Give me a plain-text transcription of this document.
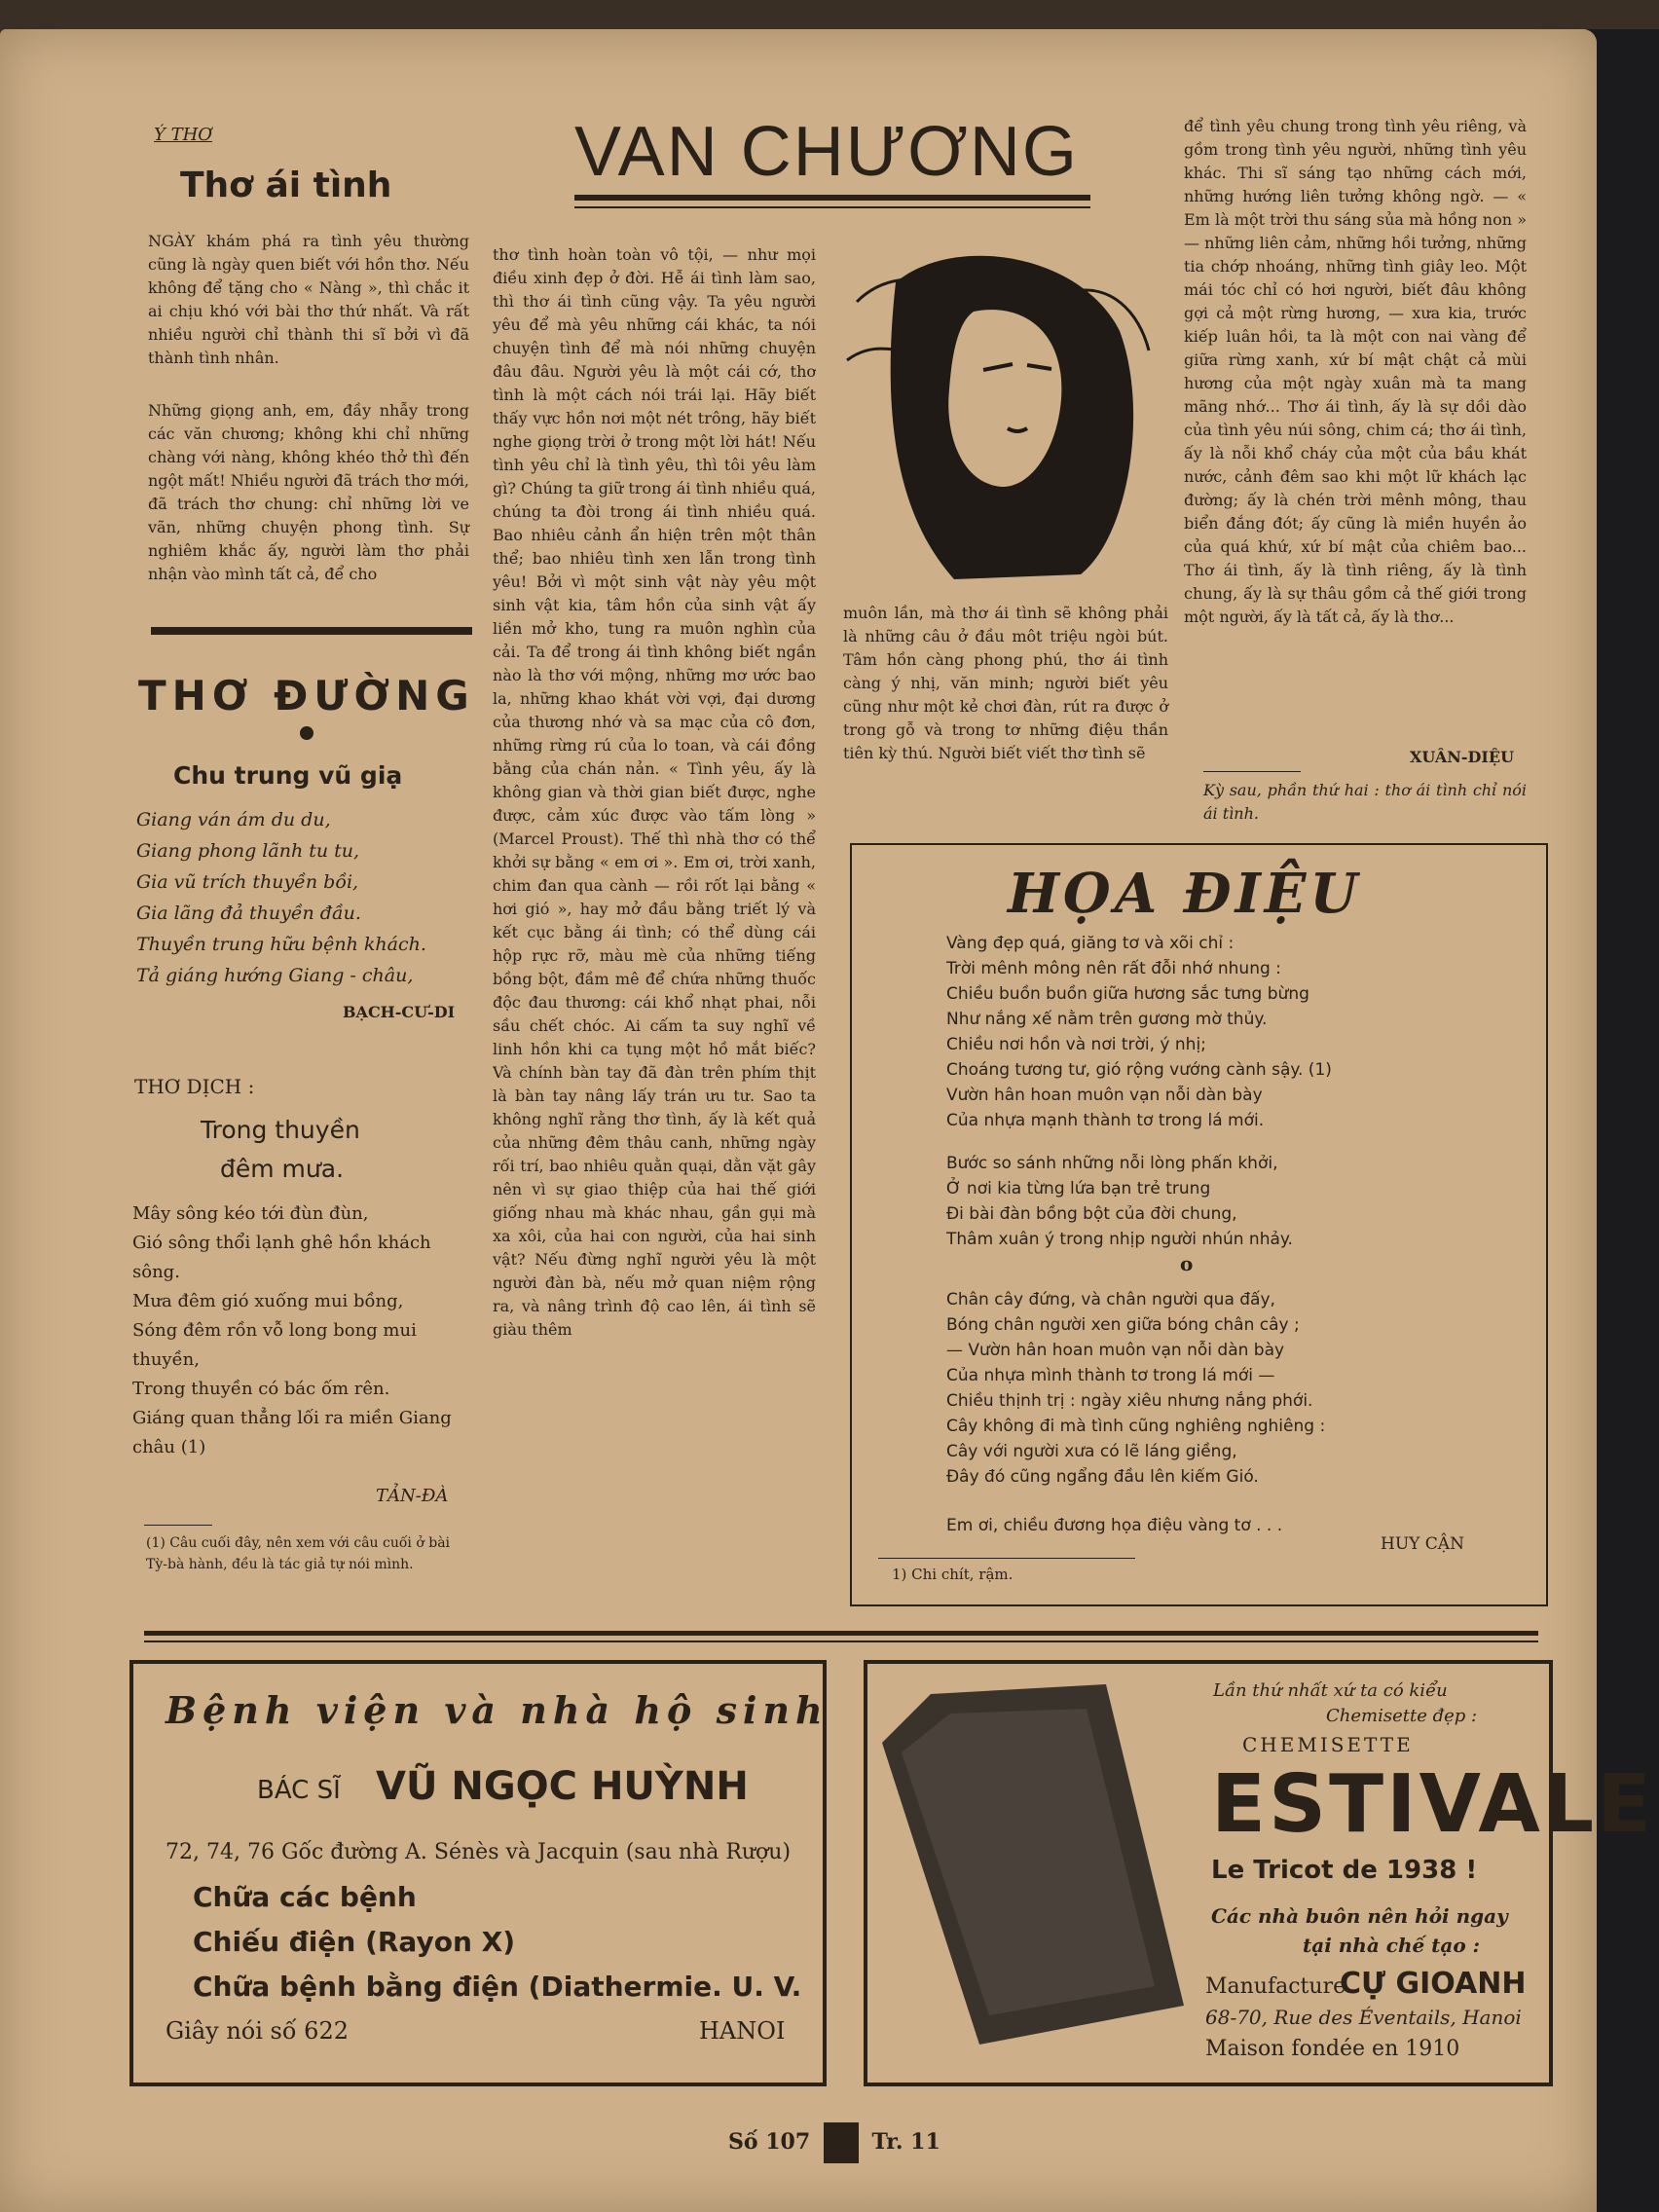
Ý THƠ
Thơ ái tình
NGÀY khám phá ra tình yêu thường cũng là ngày quen biết với hồn thơ. Nếu không để tặng cho « Nàng », thì chắc it ai chịu khó với bài thơ thứ nhất. Và rất nhiều người chỉ thành thi sĩ bởi vì đã thành tình nhân.
Những giọng anh, em, đầy nhẫy trong các văn chương; không khi chỉ những chàng với nàng, không khéo thở thì đến ngột mất! Nhiều người đã trách thơ mới, đã trách thơ chung: chỉ những lời ve vãn, những chuyện phong tình. Sự nghiêm khắc ấy, người làm thơ phải nhận vào mình tất cả, để cho
THƠ ĐƯỜNG
Chu trung vũ giạ
Giang ván ám du du,
Giang phong lãnh tu tu,
Gia vũ trích thuyền bồi,
Gia lãng đả thuyền đầu.
Thuyền trung hữu bệnh khách.
Tả giáng hướng Giang - châu,
BẠCH-CƯ-DI
THƠ DỊCH :
Trong thuyền
đêm mưa.
Mây sông kéo tới đùn đùn,
Gió sông thổi lạnh ghê hồn khách sông.
Mưa đêm gió xuống mui bồng,
Sóng đêm rồn vỗ long bong mui thuyền,
Trong thuyền có bác ốm rên.
Giáng quan thẳng lối ra miền Giang châu (1)
TẢN-ĐÀ
(1) Câu cuối đây, nên xem với câu cuối ở bài Tỳ-bà hành, đều là tác giả tự nói mình.
VAN CHƯƠNG
thơ tình hoàn toàn vô tội, — như mọi điều xinh đẹp ở đời. Hễ ái tình làm sao, thì thơ ái tình cũng vậy. Ta yêu người yêu để mà yêu những cái khác, ta nói chuyện tình để mà nói những chuyện đâu đâu. Người yêu là một cái cớ, thơ tình là một cách nói trái lại. Hãy biết thấy vực hồn nơi một nét trông, hãy biết nghe giọng trời ở trong một lời hát! Nếu tình yêu chỉ là tình yêu, thì tôi yêu làm gì? Chúng ta giữ trong ái tình nhiều quá, chúng ta đòi trong ái tình nhiều quá. Bao nhiêu cảnh ẩn hiện trên một thân thể; bao nhiêu tình xen lẫn trong tình yêu! Bởi vì một sinh vật này yêu một sinh vật kia, tâm hồn của sinh vật ấy liền mở kho, tung ra muôn nghìn của cải. Ta để trong ái tình không biết ngần nào là thơ với mộng, những mơ ước bao la, những khao khát vời vợi, đại dương của thương nhớ và sa mạc của cô đơn, những rừng rú của lo toan, và cái đồng bằng của chán nản. « Tình yêu, ấy là không gian và thời gian biết được, nghe được, cảm xúc được vào tấm lòng » (Marcel Proust). Thế thì nhà thơ có thể khởi sự bằng « em ơi ». Em ơi, trời xanh, chim đan qua cành — rồi rốt lại bằng « hơi gió », hay mở đầu bằng triết lý và kết cục bằng ái tình; có thể dùng cái hộp rực rỡ, màu mè của những tiếng bồng bột, đầm mê để chứa những thuốc độc đau thương: cái khổ nhạt phai, nỗi sầu chết chóc. Ai cấm ta suy nghĩ về linh hồn khi ca tụng một hồ mắt biếc? Và chính bàn tay đã đàn trên phím thịt là bàn tay nâng lấy trán ưu tư. Sao ta không nghĩ rằng thơ tình, ấy là kết quả của những đêm thâu canh, những ngày rối trí, bao nhiêu quằn quại, dằn vặt gây nên vì sự giao thiệp của hai thế giới giống nhau mà khác nhau, gần gụi mà xa xôi, của hai con người, của hai sinh vật? Nếu đừng nghĩ người yêu là một người đàn bà, nếu mở quan niệm rộng ra, và nâng trình độ cao lên, ái tình sẽ giàu thêm
muôn lần, mà thơ ái tình sẽ không phải là những câu ở đầu môt triệu ngòi bút. Tâm hồn càng phong phú, thơ ái tình càng ý nhị, văn minh; người biết yêu cũng như một kẻ chơi đàn, rút ra được ở trong gỗ và trong tơ những điệu thần tiên kỳ thú. Người biết viết thơ tình sẽ
để tình yêu chung trong tình yêu riêng, và gồm trong tình yêu người, những tình yêu khác. Thi sĩ sáng tạo những cách mới, những hướng liên tưởng không ngờ. — « Em là một trời thu sáng sủa mà hồng non » — những liên cảm, những hồi tưởng, những tia chớp nhoáng, những tình giây leo. Một mái tóc chỉ có hơi người, biết đâu không gợi cả một rừng hương, — xưa kia, trước kiếp luân hồi, ta là một con nai vàng để giữa rừng xanh, xứ bí mật chật cả mùi hương của một ngày xuân mà ta mang mãng nhớ... Thơ ái tình, ấy là sự dồi dào của tình yêu núi sông, chim cá; thơ ái tình, ấy là nỗi khổ cháy của một của bầu khát nước, cảnh đêm sao khi một lữ khách lạc đường; ấy là chén trời mênh mông, thau biển đắng đót; ấy cũng là miền huyền ảo của quá khứ, xứ bí mật của chiêm bao... Thơ ái tình, ấy là tình riêng, ấy là tình chung, ấy là sự thâu gồm cả thế giới trong một người, ấy là tất cả, ấy là thơ...
XUÂN-DIỆU
Kỳ sau, phần thứ hai : thơ ái tình chỉ nói ái tình.
HỌA ĐIỆU
Vàng đẹp quá, giăng tơ và xõi chỉ :
Trời mênh mông nên rất đỗi nhớ nhung :
Chiều buồn buồn giữa hương sắc tưng bừng
Như nắng xế nằm trên gương mờ thủy.
Chiều nơi hồn và nơi trời, ý nhị;
Choáng tương tư, gió rộng vướng cành sậy. (1)
Vườn hân hoan muôn vạn nỗi dàn bày
Của nhựa mạnh thành tơ trong lá mới.
Bước so sánh những nỗi lòng phấn khởi,
Ở nơi kia từng lứa bạn trẻ trung
Đi bài đàn bồng bột của đời chung,
Thâm xuân ý trong nhịp người nhún nhảy.
o
Chân cây đứng, và chân người qua đấy,
Bóng chân người xen giữa bóng chân cây ;
— Vườn hân hoan muôn vạn nỗi dàn bày
Của nhựa mình thành tơ trong lá mới —
Chiều thịnh trị : ngày xiêu nhưng nắng phới.
Cây không đi mà tình cũng nghiêng nghiêng :
Cây với người xưa có lẽ láng giềng,
Đây đó cũng ngẩng đầu lên kiếm Gió.
Em ơi, chiều đương họa điệu vàng tơ . . .
HUY CẬN
1) Chi chít, rậm.
Bệnh viện và nhà hộ sinh
BÁC SĨ VŨ NGỌC HUỲNH
72, 74, 76 Gốc đường A. Sénès và Jacquin (sau nhà Rượu)
Chữa các bệnh
Chiếu điện (Rayon X)
Chữa bệnh bằng điện (Diathermie. U. V.
Giây nói số 622	HANOI
Lần thứ nhất xứ ta có kiểu
Chemisette đẹp :
CHEMISETTE
ESTIVALE
Le Tricot de 1938 !
Các nhà buôn nên hỏi ngay
tại nhà chế tạo :
Manufacture
CỰ GIOANH
68-70, Rue des Éventails, Hanoi
Maison fondée en 1910
Số 107	Tr. 11
